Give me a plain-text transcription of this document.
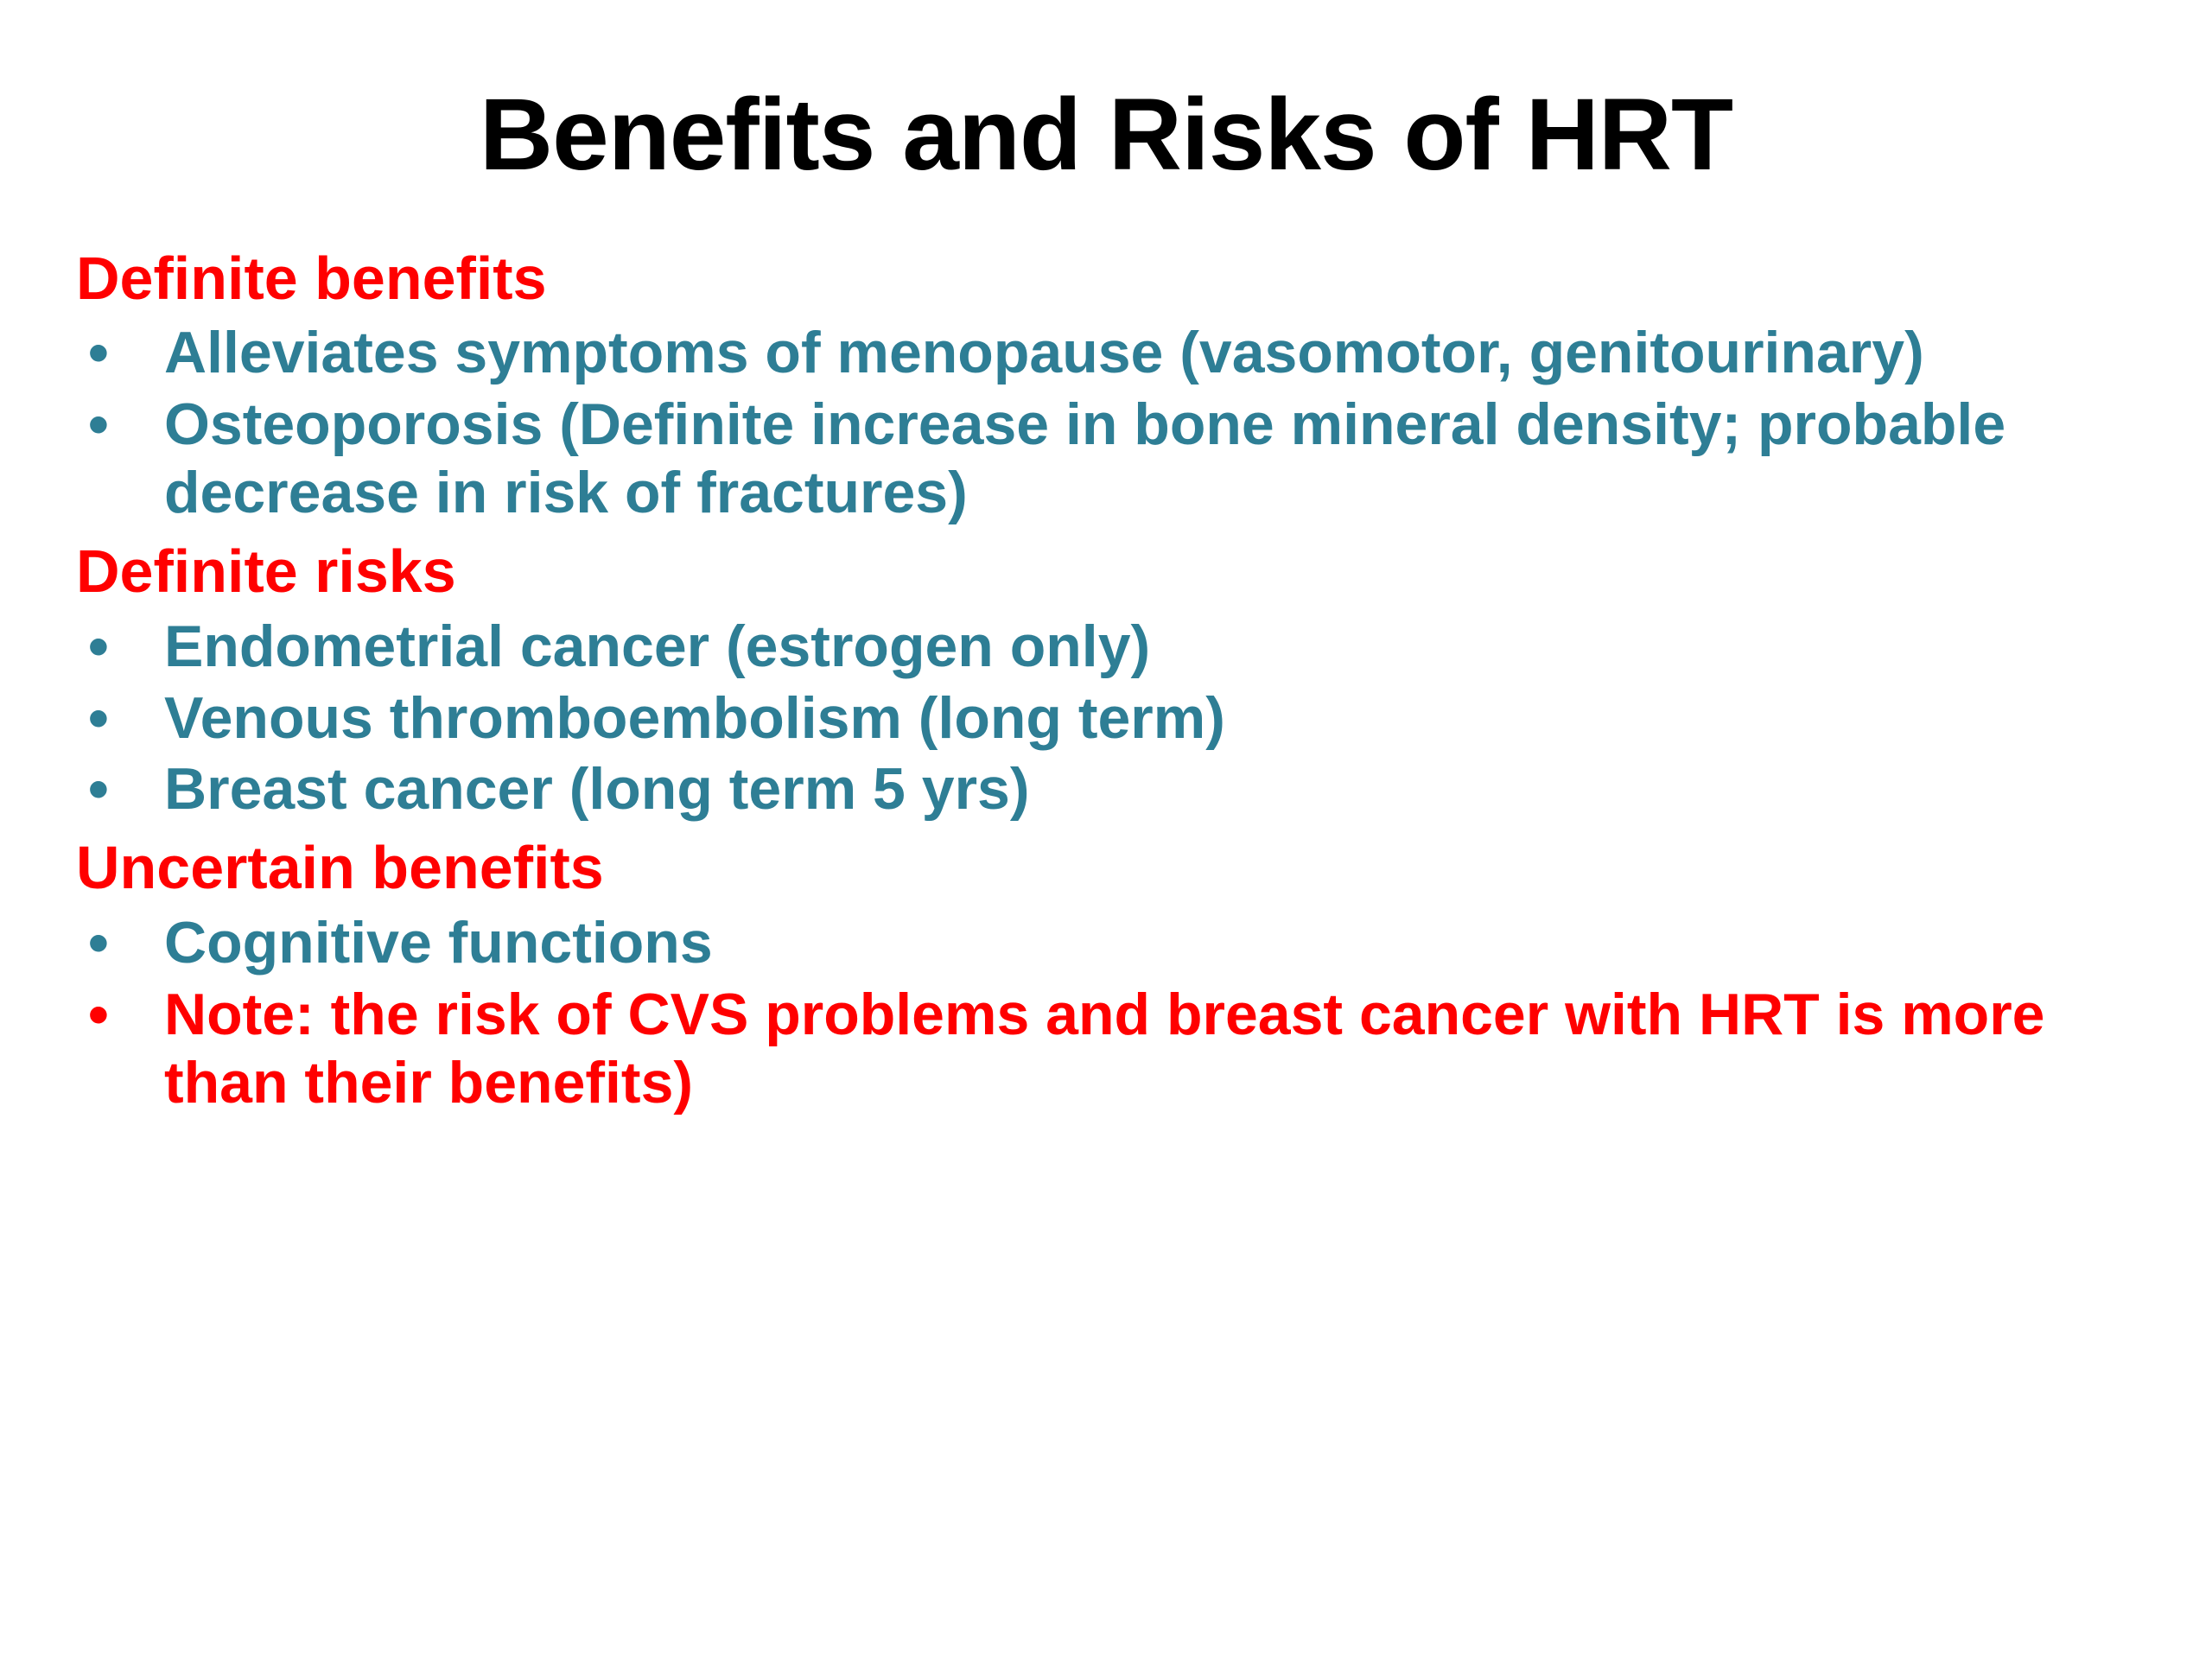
Benefits and Risks of HRT
Definite benefits
• Alleviates symptoms of menopause (vasomotor, genitourinary)
• Osteoporosis (Definite increase in bone mineral density; probable decrease in risk of fractures)
Definite risks
• Endometrial cancer (estrogen only)
• Venous thromboembolism (long term)
• Breast cancer (long term 5 yrs)
Uncertain benefits
• Cognitive functions
• Note: the risk of CVS problems and breast cancer with HRT is more than their benefits)
